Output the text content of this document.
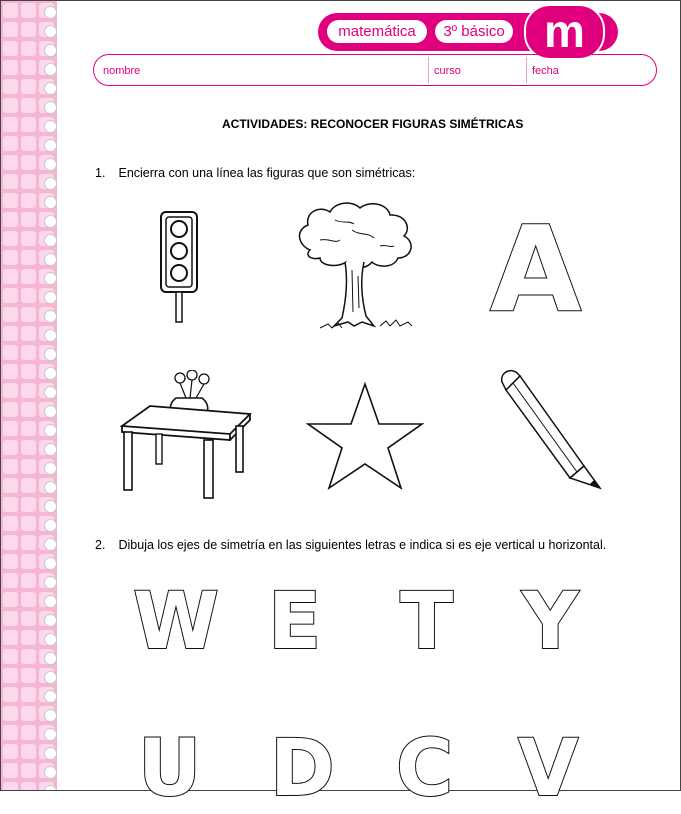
matemática	3º básico m
nombre	curso	fecha
ACTIVIDADES: RECONOCER FIGURAS SIMÉTRICAS
1. Encierra con una línea las figuras que son simétricas:
A
2. Dibuja los ejes de simetría en las siguientes letras e indica si es eje vertical u horizontal.
W E T Y
U D C V
